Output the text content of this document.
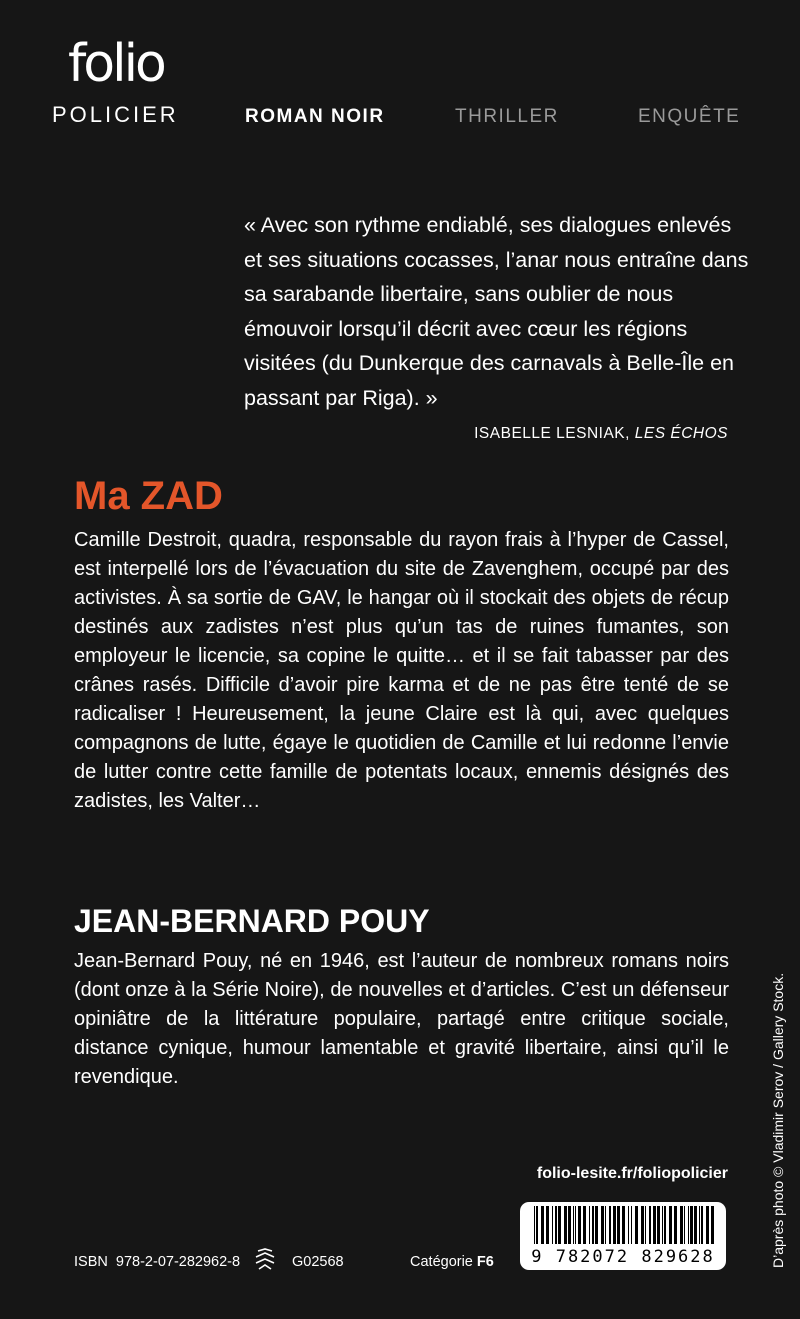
folio
POLICIER	ROMAN NOIR	THRILLER	ENQUÊTE
« Avec son rythme endiablé, ses dialogues enlevés et ses situations cocasses, l’anar nous entraîne dans sa sarabande libertaire, sans oublier de nous émouvoir lorsqu’il décrit avec cœur les régions visitées (du Dunkerque des carnavals à Belle-Île en passant par Riga). »
ISABELLE LESNIAK, LES ÉCHOS
Ma ZAD
Camille Destroit, quadra, responsable du rayon frais à l’hyper de Cassel, est interpellé lors de l’évacuation du site de Zavenghem, occupé par des activistes. À sa sortie de GAV, le hangar où il stockait des objets de récup destinés aux zadistes n’est plus qu’un tas de ruines fumantes, son employeur le licencie, sa copine le quitte… et il se fait tabasser par des crânes rasés. Difficile d’avoir pire karma et de ne pas être tenté de se radicaliser ! Heureusement, la jeune Claire est là qui, avec quelques compagnons de lutte, égaye le quotidien de Camille et lui redonne l’envie de lutter contre cette famille de potentats locaux, ennemis désignés des zadistes, les Valter…
JEAN-BERNARD POUY
Jean-Bernard Pouy, né en 1946, est l’auteur de nombreux romans noirs (dont onze à la Série Noire), de nouvelles et d’articles. C’est un défenseur opiniâtre de la littérature populaire, partagé entre critique sociale, distance cynique, humour lamentable et gravité libertaire, ainsi qu’il le revendique.
folio-lesite.fr/foliopolicier
9 782072 829628
ISBN 978-2-07-282962-8	G02568	Catégorie F6	D’après photo © Vladimir Serov / Gallery Stock.
